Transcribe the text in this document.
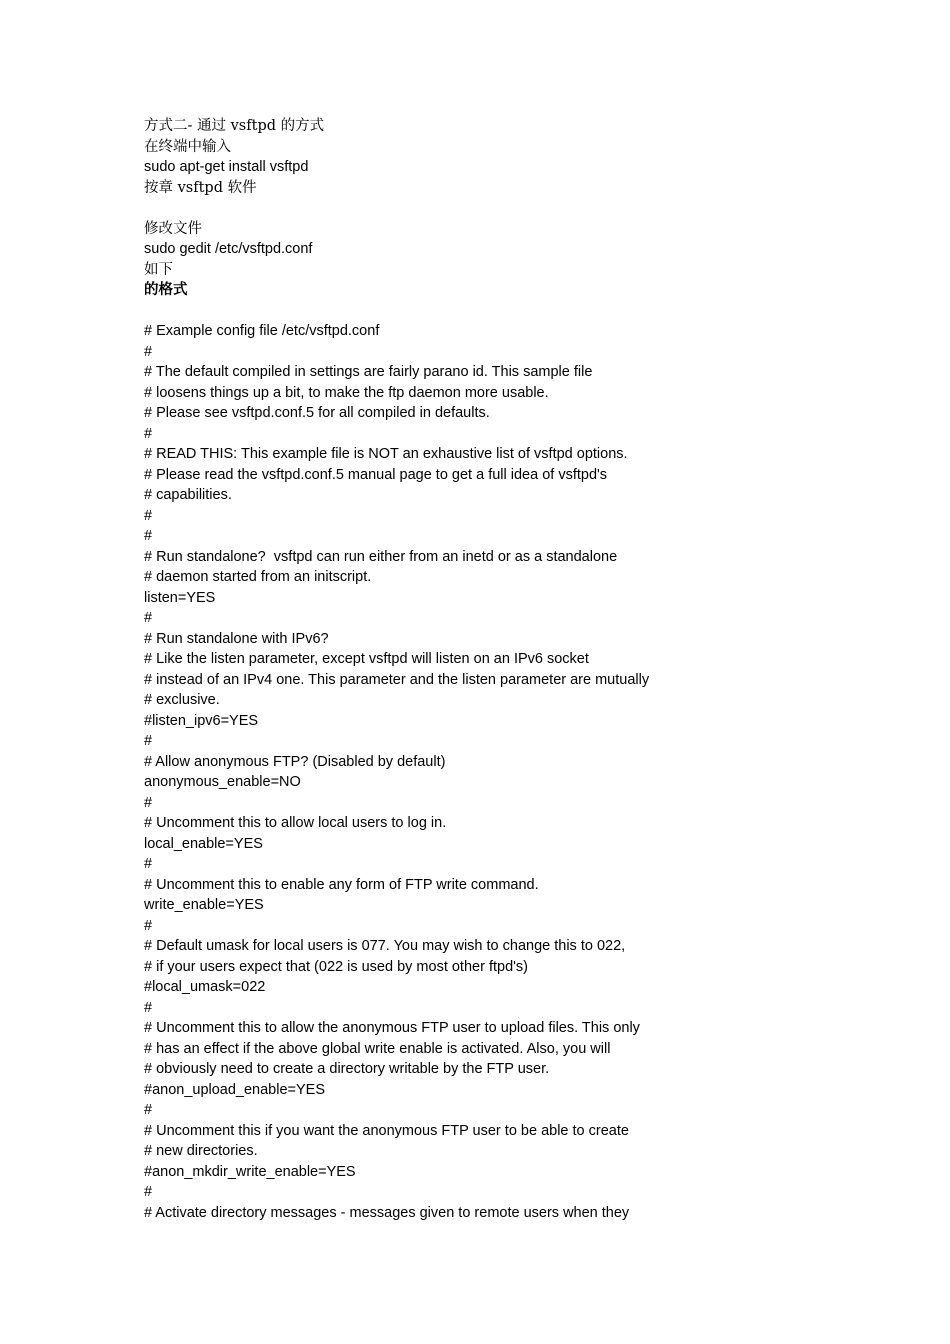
方式二- 通过 vsftpd 的方式
在终端中输入
sudo apt-get install vsftpd
按章 vsftpd 软件
修改文件
sudo gedit /etc/vsftpd.conf
如下
的格式
# Example config file /etc/vsftpd.conf
#
# The default compiled in settings are fairly parano id. This sample file
# loosens things up a bit, to make the ftp daemon more usable.
# Please see vsftpd.conf.5 for all compiled in defaults.
#
# READ THIS: This example file is NOT an exhaustive list of vsftpd options.
# Please read the vsftpd.conf.5 manual page to get a full idea of vsftpd's
# capabilities.
#
#
# Run standalone?  vsftpd can run either from an inetd or as a standalone
# daemon started from an initscript.
listen=YES
#
# Run standalone with IPv6?
# Like the listen parameter, except vsftpd will listen on an IPv6 socket
# instead of an IPv4 one. This parameter and the listen parameter are mutually
# exclusive.
#listen_ipv6=YES
#
# Allow anonymous FTP? (Disabled by default)
anonymous_enable=NO
#
# Uncomment this to allow local users to log in.
local_enable=YES
#
# Uncomment this to enable any form of FTP write command.
write_enable=YES
#
# Default umask for local users is 077. You may wish to change this to 022,
# if your users expect that (022 is used by most other ftpd's)
#local_umask=022
#
# Uncomment this to allow the anonymous FTP user to upload files. This only
# has an effect if the above global write enable is activated. Also, you will
# obviously need to create a directory writable by the FTP user.
#anon_upload_enable=YES
#
# Uncomment this if you want the anonymous FTP user to be able to create
# new directories.
#anon_mkdir_write_enable=YES
#
# Activate directory messages - messages given to remote users when they
